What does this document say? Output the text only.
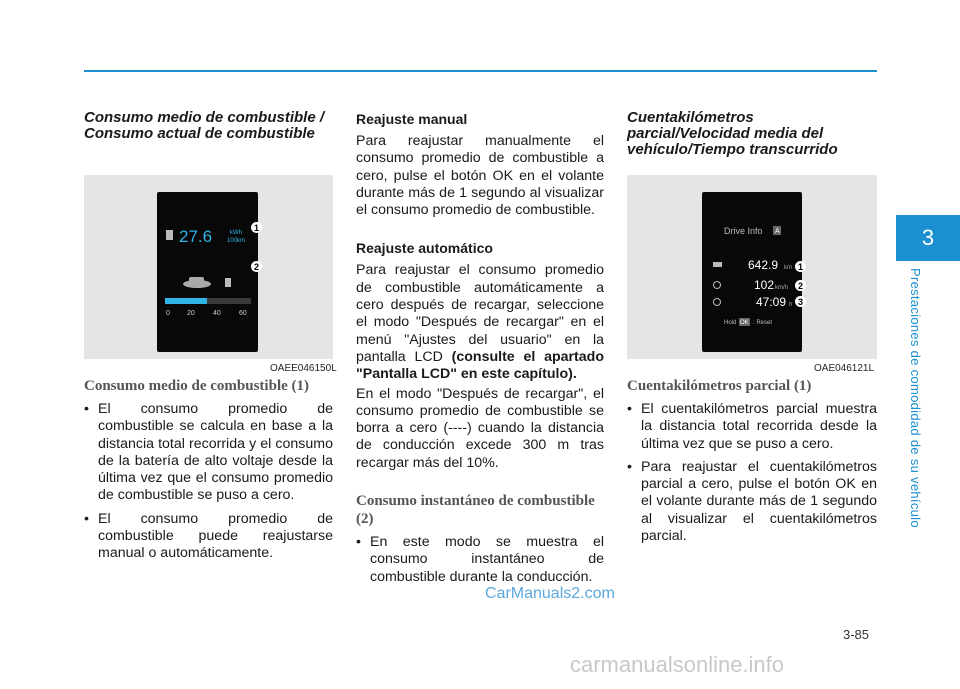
3
Prestaciones de comodidad de su vehículo

Consumo medio de combustible / Consumo actual de combustible

27.6	kWh
100km
0 20	40	60
1
2
OAEE046150L

Consumo medio de combustible (1)

• El consumo promedio de combustible se calcula en base a la distancia total recorrida y el consumo de la batería de alto voltaje desde la última vez que el consumo promedio de combustible se puso a cero.
• El consumo promedio de combustible puede reajustarse manual o automáticamente.

Reajuste manual

Para reajustar manualmente el consumo promedio de combustible a cero, pulse el botón OK en el volante durante más de 1 segundo al visualizar el consumo promedio de combustible.

Reajuste automático

Para reajustar el consumo promedio de combustible automáticamente a cero después de recargar, seleccione el modo "Después de recargar" en el menú "Ajustes del usuario" en la pantalla LCD (consulte el apartado "Pantalla LCD" en este capítulo).

En el modo "Después de recargar", el consumo promedio de combustible se borra a cero (----) cuando la distancia de conducción excede 300 m tras recargar más del 10%.

Consumo instantáneo de combustible (2)

• En este modo se muestra el consumo instantáneo de combustible durante la conducción.

Cuentakilómetros parcial/Velocidad media del vehículo/Tiempo transcurrido

Drive Info A
642.9 km
102 km/h
47:09 h
Hold OK : Reset
1
2
3
OAE046121L

Cuentakilómetros parcial (1)

• El cuentakilómetros parcial muestra la distancia total recorrida desde la última vez que se puso a cero.
• Para reajustar el cuentakilómetros parcial a cero, pulse el botón OK en el volante durante más de 1 segundo al visualizar el cuentakilómetros parcial.
3-85
CarManuals2.com
carmanualsonline.info
